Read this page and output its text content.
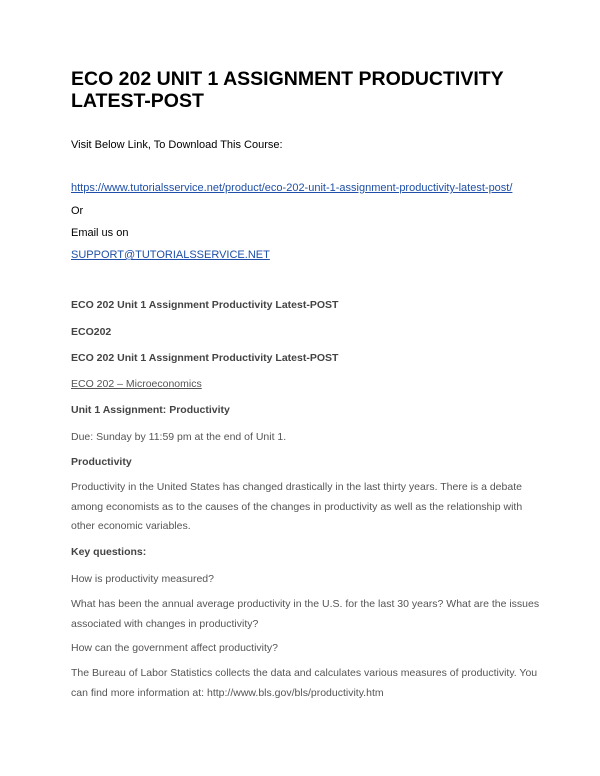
ECO 202 UNIT 1 ASSIGNMENT PRODUCTIVITY LATEST-POST
Visit Below Link, To Download This Course:
https://www.tutorialsservice.net/product/eco-202-unit-1-assignment-productivity-latest-post/
Or
Email us on
SUPPORT@TUTORIALSSERVICE.NET
ECO 202 Unit 1 Assignment Productivity Latest-POST
ECO202
ECO 202 Unit 1 Assignment Productivity Latest-POST
ECO 202 – Microeconomics
Unit 1 Assignment: Productivity
Due: Sunday by 11:59 pm at the end of Unit 1.
Productivity
Productivity in the United States has changed drastically in the last thirty years. There is a debate among economists as to the causes of the changes in productivity as well as the relationship with other economic variables.
Key questions:
How is productivity measured?
What has been the annual average productivity in the U.S. for the last 30 years? What are the issues associated with changes in productivity?
How can the government affect productivity?
The Bureau of Labor Statistics collects the data and calculates various measures of productivity. You can find more information at: http://www.bls.gov/bls/productivity.htm
